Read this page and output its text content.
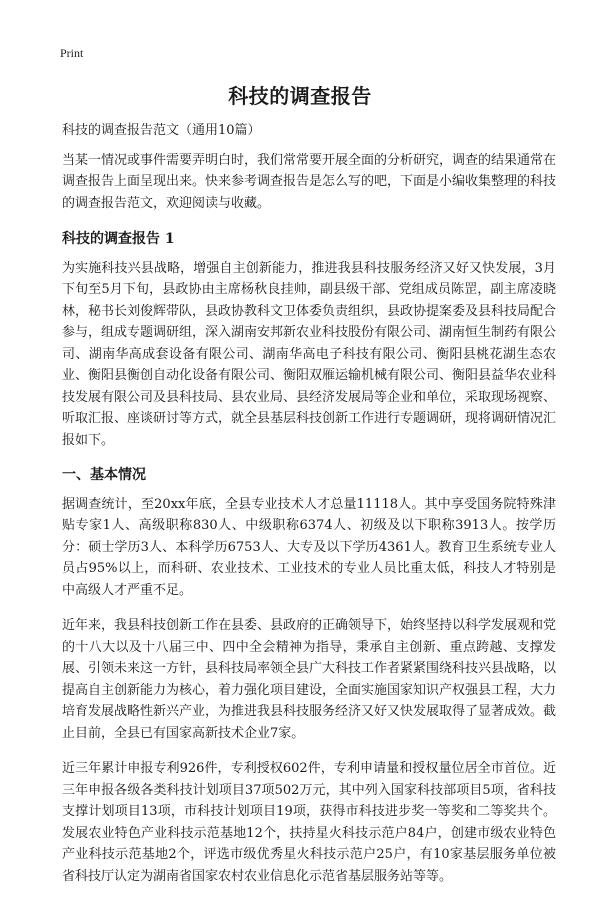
Print
科技的调查报告

科技的调查报告范文（通用10篇）

当某一情况或事件需要弄明白时，我们常常要开展全面的分析研究，调查的结果通常在调查报告上面呈现出来。快来参考调查报告是怎么写的吧，下面是小编收集整理的科技的调查报告范文，欢迎阅读与收藏。

科技的调查报告 1

为实施科技兴县战略，增强自主创新能力，推进我县科技服务经济又好又快发展，3月下旬至5月下旬，县政协由主席杨秋良挂帅，副县级干部、党组成员陈罡，副主席凌晓林，秘书长刘俊辉带队，县政协教科文卫体委负责组织，县政协提案委及县科技局配合参与，组成专题调研组，深入湖南安邦新农业科技股份有限公司、湖南恒生制药有限公司、湖南华高成套设备有限公司、湖南华高电子科技有限公司、衡阳县桃花湖生态农业、衡阳县衡创自动化设备有限公司、衡阳双雁运输机械有限公司、衡阳县益华农业科技发展有限公司及县科技局、县农业局、县经济发展局等企业和单位，采取现场视察、听取汇报、座谈研讨等方式，就全县基层科技创新工作进行专题调研，现将调研情况汇报如下。

一、基本情况

据调查统计，至20xx年底，全县专业技术人才总量11118人。其中享受国务院特殊津贴专家1人、高级职称830人、中级职称6374人、初级及以下职称3913人。按学历分：硕士学历3人、本科学历6753人、大专及以下学历4361人。教育卫生系统专业人员占95%以上，而科研、农业技术、工业技术的专业人员比重太低，科技人才特别是中高级人才严重不足。

近年来，我县科技创新工作在县委、县政府的正确领导下，始终坚持以科学发展观和党的十八大以及十八届三中、四中全会精神为指导，秉承自主创新、重点跨越、支撑发展、引领未来这一方针，县科技局率领全县广大科技工作者紧紧围绕科技兴县战略，以提高自主创新能力为核心，着力强化项目建设，全面实施国家知识产权强县工程，大力培育发展战略性新兴产业，为推进我县科技服务经济又好又快发展取得了显著成效。截止目前，全县已有国家高新技术企业7家。

近三年累计申报专利926件，专利授权602件，专利申请量和授权量位居全市首位。近三年申报各级各类科技计划项目37项502万元，其中列入国家科技部项目5项，省科技支撑计划项目13项，市科技计划项目19项，获得市科技进步奖一等奖和二等奖共个。发展农业特色产业科技示范基地12个，扶持星火科技示范户84户，创建市级农业特色产业科技示范基地2个，评选市级优秀星火科技示范户25户，有10家基层服务单位被省科技厅认定为湖南省国家农村农业信息化示范省基层服务站等等。
